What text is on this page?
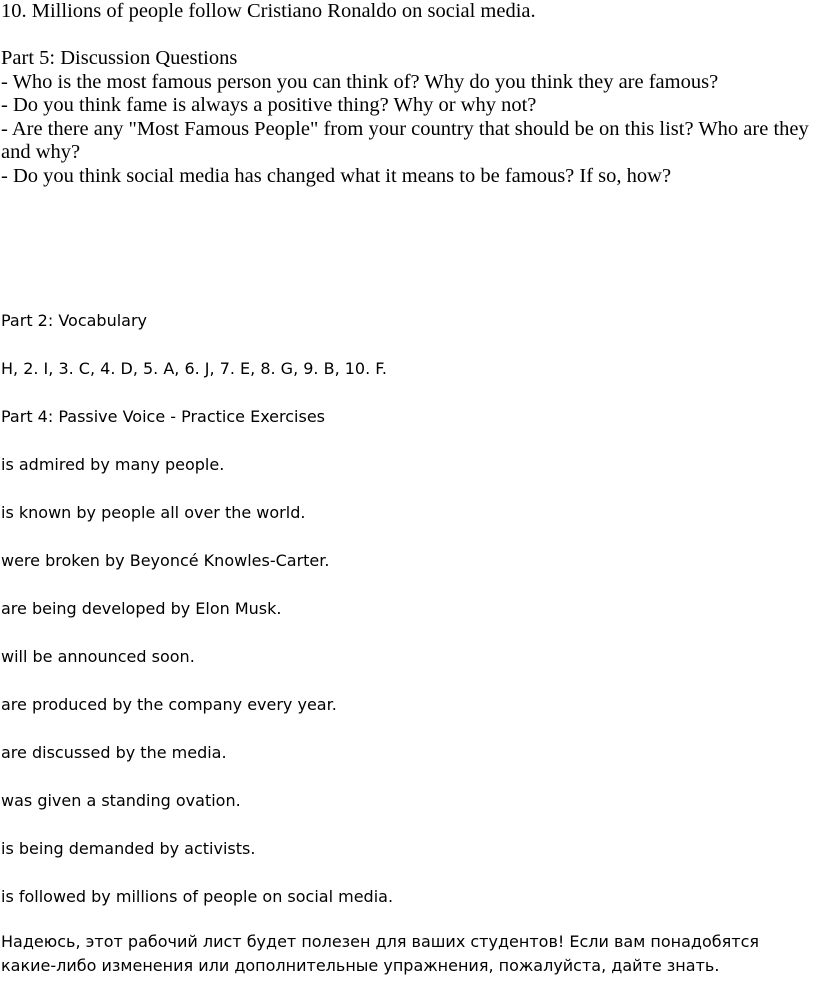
10. Millions of people follow Cristiano Ronaldo on social media.

Part 5: Discussion Questions

- Who is the most famous person you can think of? Why do you think they are famous?

- Do you think fame is always a positive thing? Why or why not?

- Are there any "Most Famous People" from your country that should be on this list? Who are they and why?

- Do you think social media has changed what it means to be famous? If so, how?

Part 2: Vocabulary

H, 2. I, 3. C, 4. D, 5. A, 6. J, 7. E, 8. G, 9. B, 10. F.

Part 4: Passive Voice - Practice Exercises

is admired by many people.

is known by people all over the world.

were broken by Beyoncé Knowles-Carter.

are being developed by Elon Musk.

will be announced soon.

are produced by the company every year.

are discussed by the media.

was given a standing ovation.

is being demanded by activists.

is followed by millions of people on social media.

Надеюсь, этот рабочий лист будет полезен для ваших студентов! Если вам понадобятся какие-либо изменения или дополнительные упражнения, пожалуйста, дайте знать.
